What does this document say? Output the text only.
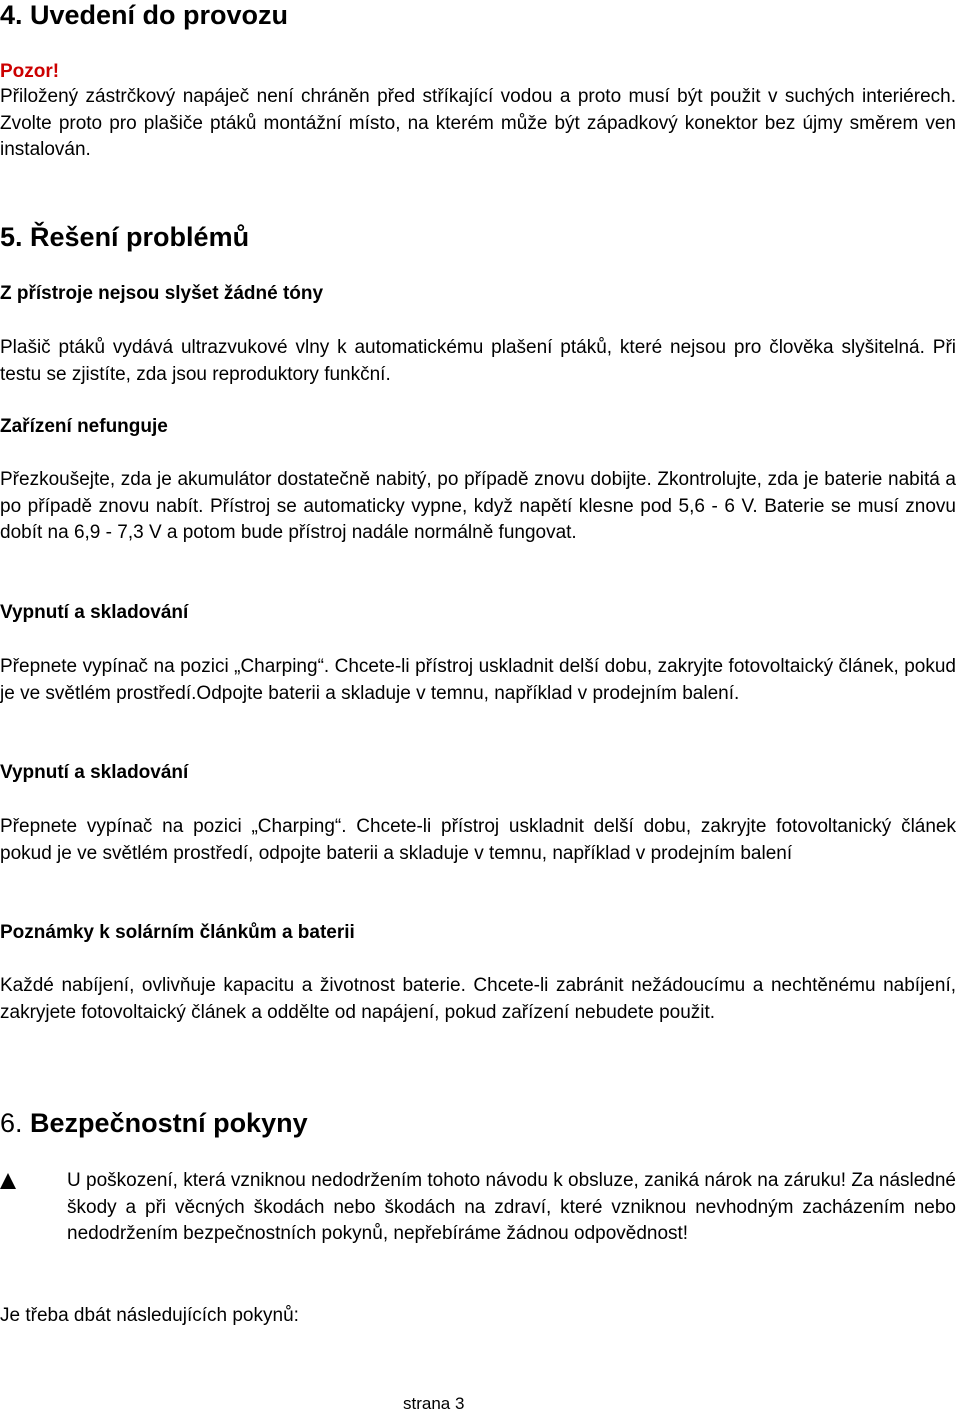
4. Uvedení do provozu
Pozor!

Přiložený zástrčkový napáječ není chráněn před stříkající vodou a proto musí být použit v suchých interiérech. Zvolte proto pro plašiče ptáků montážní místo, na kterém může být západkový konektor bez újmy směrem ven instalován.

5. Řešení problémů
Z přístroje nejsou slyšet žádné tóny

Plašič ptáků vydává ultrazvukové vlny k automatickému plašení ptáků, které nejsou pro člověka slyšitelná. Při testu se zjistíte, zda jsou reproduktory funkční.

Zařízení nefunguje

Přezkoušejte, zda je akumulátor dostatečně nabitý, po případě znovu dobijte. Zkontrolujte, zda je baterie nabitá a po případě znovu nabít. Přístroj se automaticky vypne, když napětí klesne pod 5,6 - 6 V. Baterie se musí znovu dobít na 6,9 - 7,3 V a potom bude přístroj nadále normálně fungovat.

Vypnutí a skladování

Přepnete vypínač na pozici „Charping“. Chcete-li přístroj uskladnit delší dobu, zakryjte fotovoltaický článek, pokud je ve světlém prostředí.Odpojte baterii a skladuje v temnu, například v prodejním balení.

Vypnutí a skladování

Přepnete vypínač na pozici „Charping“. Chcete-li přístroj uskladnit delší dobu, zakryjte fotovoltanický článek pokud je ve světlém prostředí, odpojte baterii a skladuje v temnu, například v prodejním balení

Poznámky k solárním článkům a baterii

Každé nabíjení, ovlivňuje kapacitu a životnost baterie. Chcete-li zabránit nežádoucímu a nechtěnému nabíjení, zakryjete fotovoltaický článek a oddělte od napájení, pokud zařízení nebudete použit.

6. Bezpečnostní pokyny

U poškození, která vzniknou nedodržením tohoto návodu k obsluze, zaniká nárok na záruku! Za následné škody a při věcných škodách nebo škodách na zdraví, které vzniknou nevhodným zacházením nebo nedodržením bezpečnostních pokynů, nepřebíráme žádnou odpovědnost!

Je třeba dbát následujících pokynů:

strana 3
